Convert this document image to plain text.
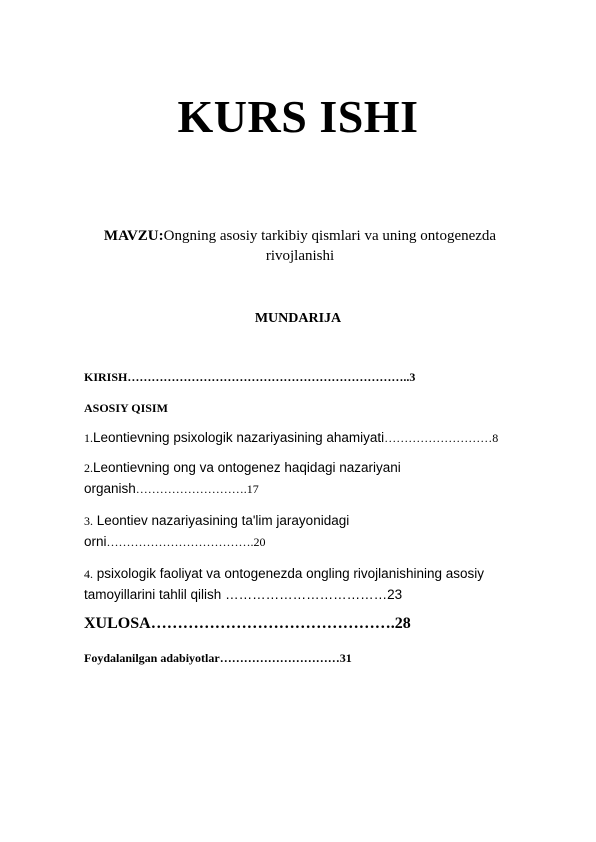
KURS ISHI
MAVZU:Ongning asosiy tarkibiy qismlari va uning ontogenezda rivojlanishi
MUNDARIJA
KIRISH……………………………………………………………..3
ASOSIY QISIM
1.Leontievning psixologik nazariyasining ahamiyati………………………8
2.Leontievning ong va ontogenez haqidagi nazariyani
organish……………………….17
3. Leontiev nazariyasining ta'lim jarayonidagi
orni……………………………….20
4. psixologik faoliyat va ontogenezda ongling rivojlanishining asosiy
tamoyillarini tahlil qilish ………………………………23
XULOSA……………………………………….28
Foydalanilgan adabiyotlar…………………………31
